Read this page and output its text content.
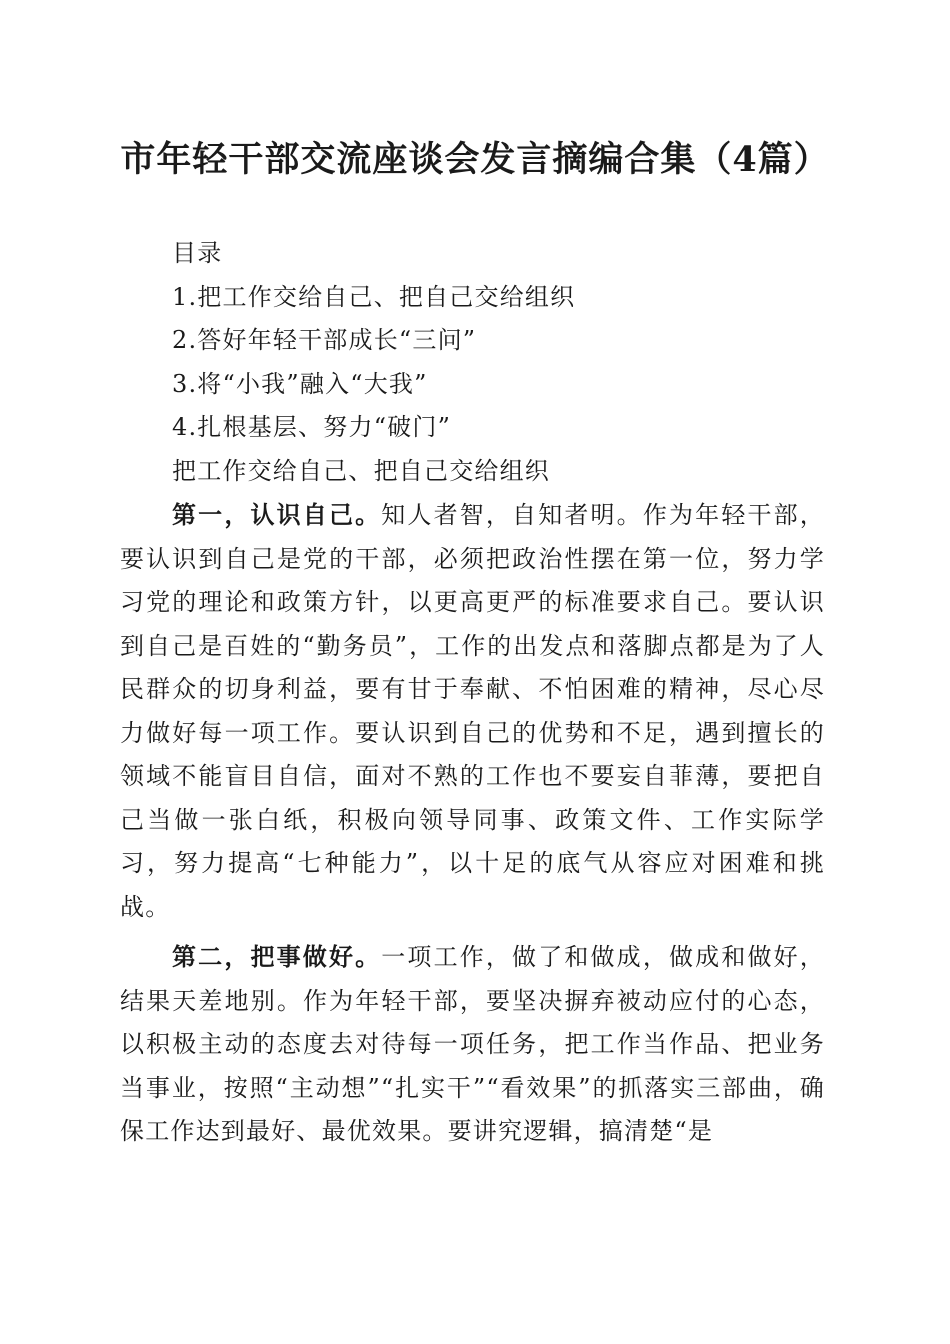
市年轻干部交流座谈会发言摘编合集（4篇）

目录

1.把工作交给自己、把自己交给组织

2.答好年轻干部成长“三问”

3.将“小我”融入“大我”

4.扎根基层、努力“破门”

把工作交给自己、把自己交给组织

第一，认识自己。知人者智，自知者明。作为年轻干部，要认识到自己是党的干部，必须把政治性摆在第一位，努力学习党的理论和政策方针，以更高更严的标准要求自己。要认识到自己是百姓的“勤务员”，工作的出发点和落脚点都是为了人民群众的切身利益，要有甘于奉献、不怕困难的精神，尽心尽力做好每一项工作。要认识到自己的优势和不足，遇到擅长的领域不能盲目自信，面对不熟的工作也不要妄自菲薄，要把自己当做一张白纸，积极向领导同事、政策文件、工作实际学习，努力提高“七种能力”，以十足的底气从容应对困难和挑战。

第二，把事做好。一项工作，做了和做成，做成和做好，结果天差地别。作为年轻干部，要坚决摒弃被动应付的心态，以积极主动的态度去对待每一项任务，把工作当作品、把业务当事业，按照“主动想”“扎实干”“看效果”的抓落实三部曲，确保工作达到最好、最优效果。要讲究逻辑，搞清楚“是
